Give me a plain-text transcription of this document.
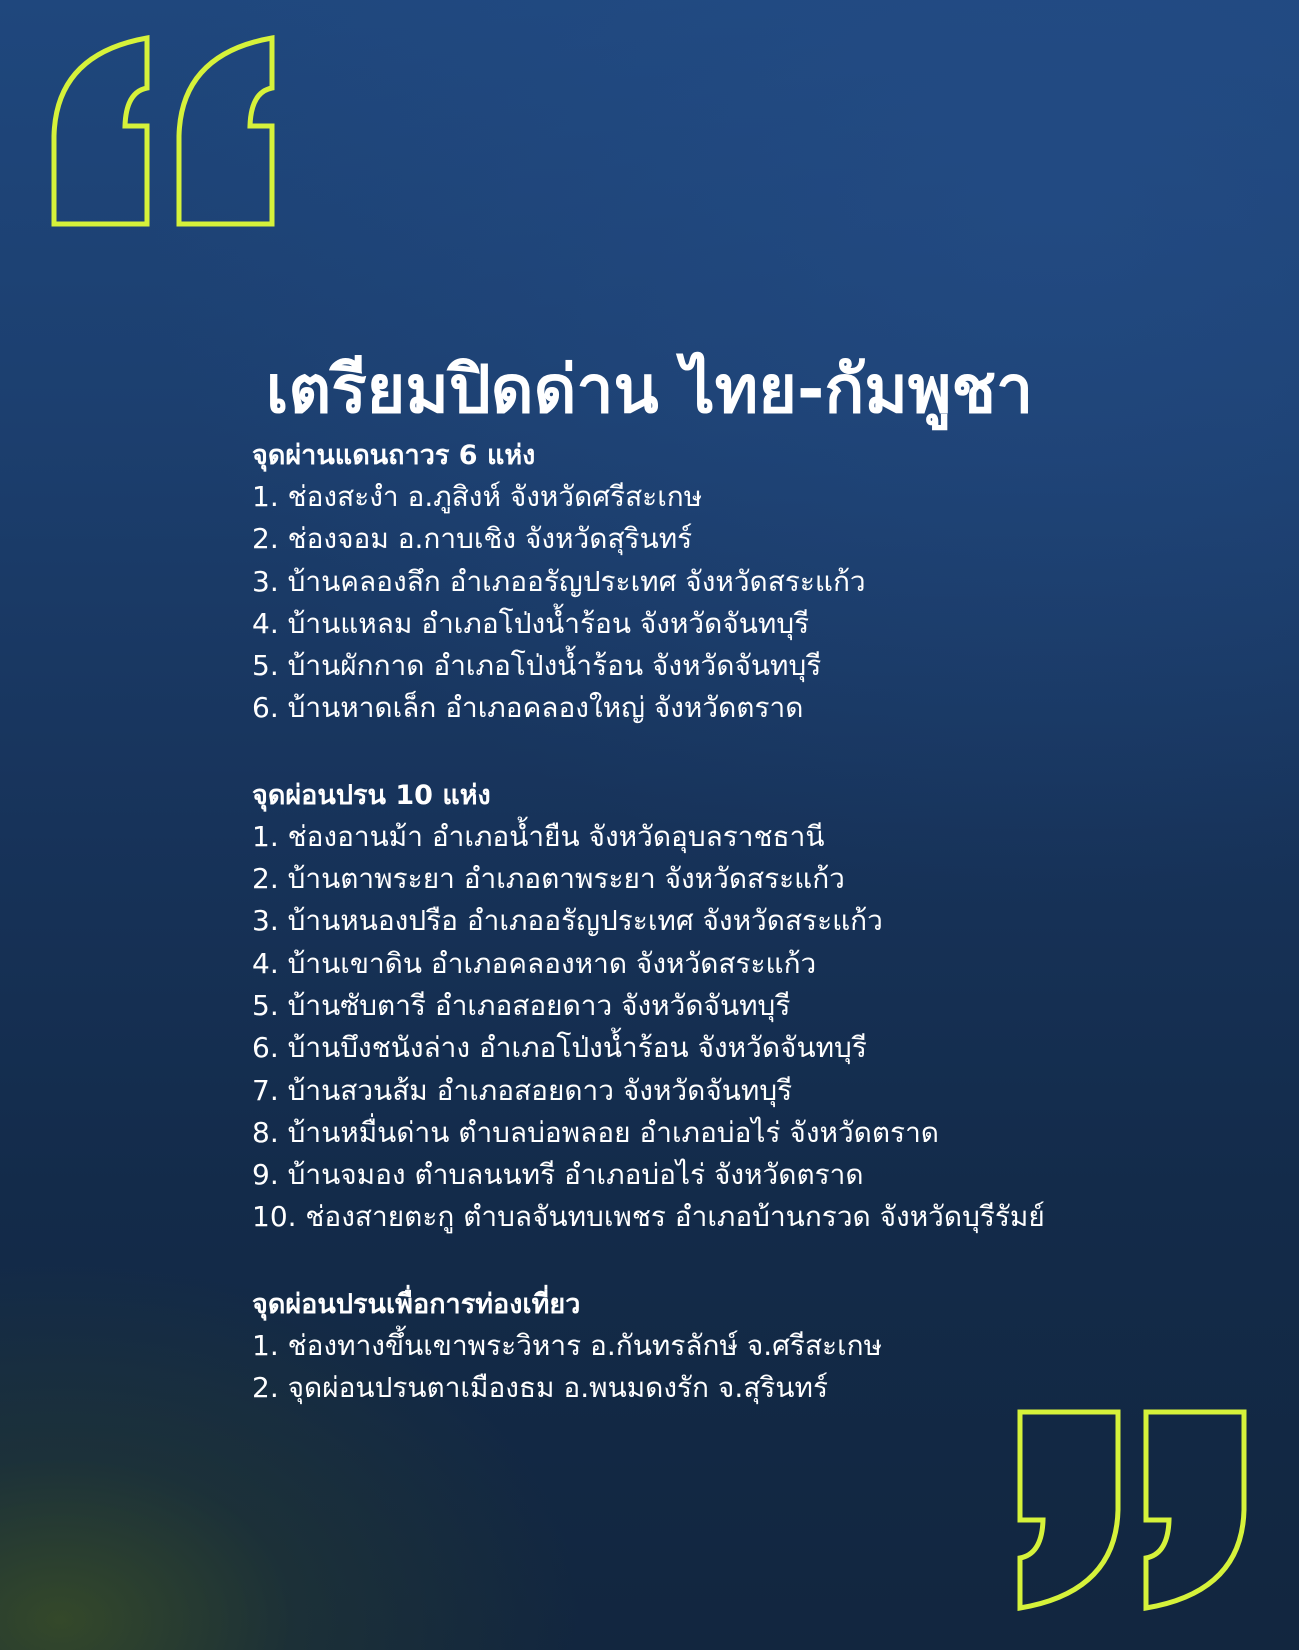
เตรียมปิดด่าน ไทย-กัมพูชา
จุดผ่านแดนถาวร 6 แห่ง
1. ช่องสะงำ อ.ภูสิงห์ จังหวัดศรีสะเกษ
2. ช่องจอม อ.กาบเชิง จังหวัดสุรินทร์
3. บ้านคลองลึก อำเภออรัญประเทศ จังหวัดสระแก้ว
4. บ้านแหลม อำเภอโป่งน้ำร้อน จังหวัดจันทบุรี
5. บ้านผักกาด อำเภอโป่งน้ำร้อน จังหวัดจันทบุรี
6. บ้านหาดเล็ก อำเภอคลองใหญ่ จังหวัดตราด
จุดผ่อนปรน 10 แห่ง
1. ช่องอานม้า อำเภอน้ำยืน จังหวัดอุบลราชธานี
2. บ้านตาพระยา อำเภอตาพระยา จังหวัดสระแก้ว
3. บ้านหนองปรือ อำเภออรัญประเทศ จังหวัดสระแก้ว
4. บ้านเขาดิน อำเภอคลองหาด จังหวัดสระแก้ว
5. บ้านซับตารี อำเภอสอยดาว จังหวัดจันทบุรี
6. บ้านบึงชนังล่าง อำเภอโป่งน้ำร้อน จังหวัดจันทบุรี
7. บ้านสวนส้ม อำเภอสอยดาว จังหวัดจันทบุรี
8. บ้านหมื่นด่าน ตำบลบ่อพลอย อำเภอบ่อไร่ จังหวัดตราด
9. บ้านจมอง ตำบลนนทรี อำเภอบ่อไร่ จังหวัดตราด
10. ช่องสายตะกู ตำบลจันทบเพชร อำเภอบ้านกรวด จังหวัดบุรีรัมย์
จุดผ่อนปรนเพื่อการท่องเที่ยว
1. ช่องทางขึ้นเขาพระวิหาร อ.กันทรลักษ์ จ.ศรีสะเกษ
2. จุดผ่อนปรนตาเมืองธม อ.พนมดงรัก จ.สุรินทร์
